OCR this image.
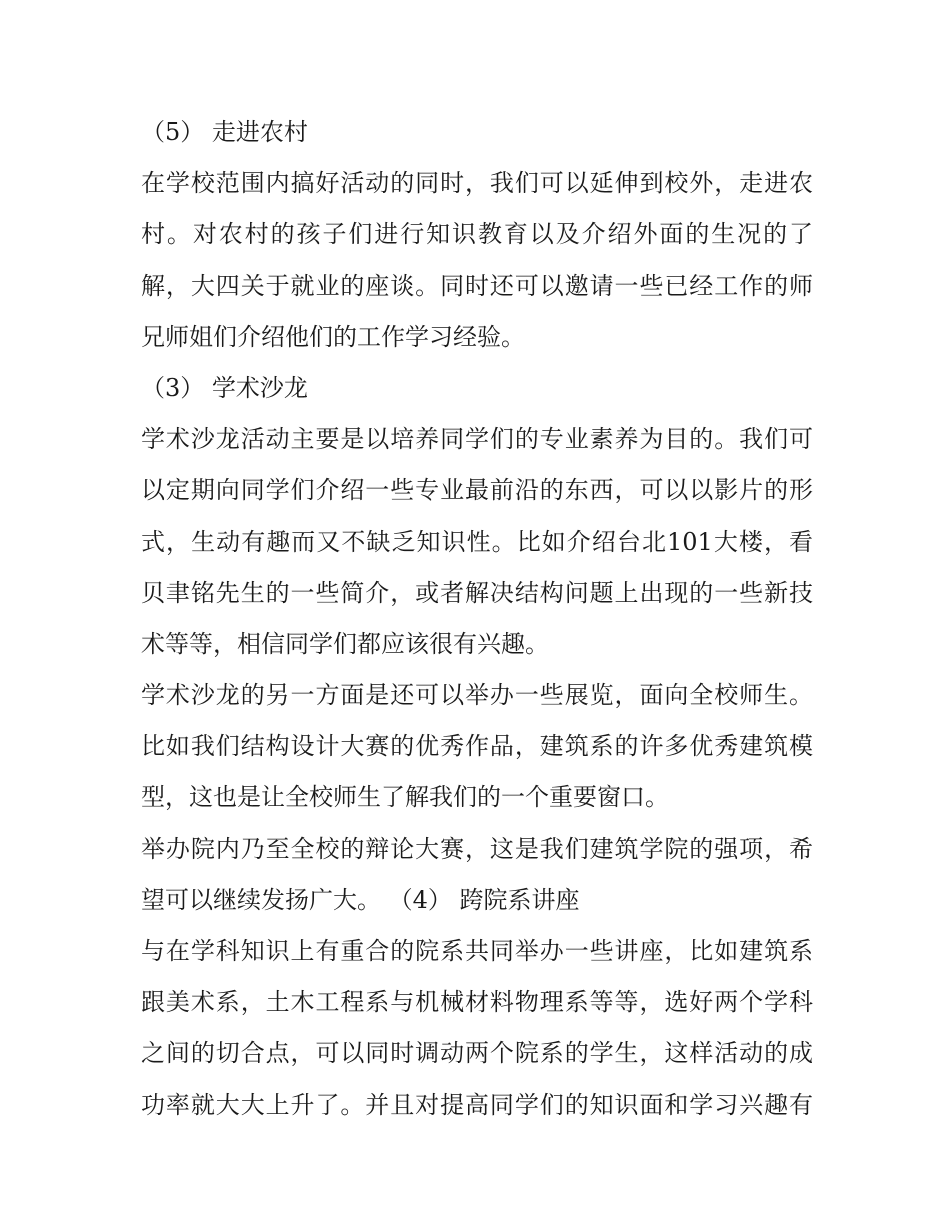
（5） 走进农村
在学校范围内搞好活动的同时，我们可以延伸到校外，走进农
村。对农村的孩子们进行知识教育以及介绍外面的生况的了
解，大四关于就业的座谈。同时还可以邀请一些已经工作的师
兄师姐们介绍他们的工作学习经验。
（3） 学术沙龙
学术沙龙活动主要是以培养同学们的专业素养为目的。我们可
以定期向同学们介绍一些专业最前沿的东西，可以以影片的形
式，生动有趣而又不缺乏知识性。比如介绍台北101大楼，看
贝聿铭先生的一些简介，或者解决结构问题上出现的一些新技
术等等，相信同学们都应该很有兴趣。
学术沙龙的另一方面是还可以举办一些展览，面向全校师生。
比如我们结构设计大赛的优秀作品，建筑系的许多优秀建筑模
型，这也是让全校师生了解我们的一个重要窗口。
举办院内乃至全校的辩论大赛，这是我们建筑学院的强项，希
望可以继续发扬广大。 （4） 跨院系讲座
与在学科知识上有重合的院系共同举办一些讲座，比如建筑系
跟美术系，土木工程系与机械材料物理系等等，选好两个学科
之间的切合点，可以同时调动两个院系的学生，这样活动的成
功率就大大上升了。并且对提高同学们的知识面和学习兴趣有
